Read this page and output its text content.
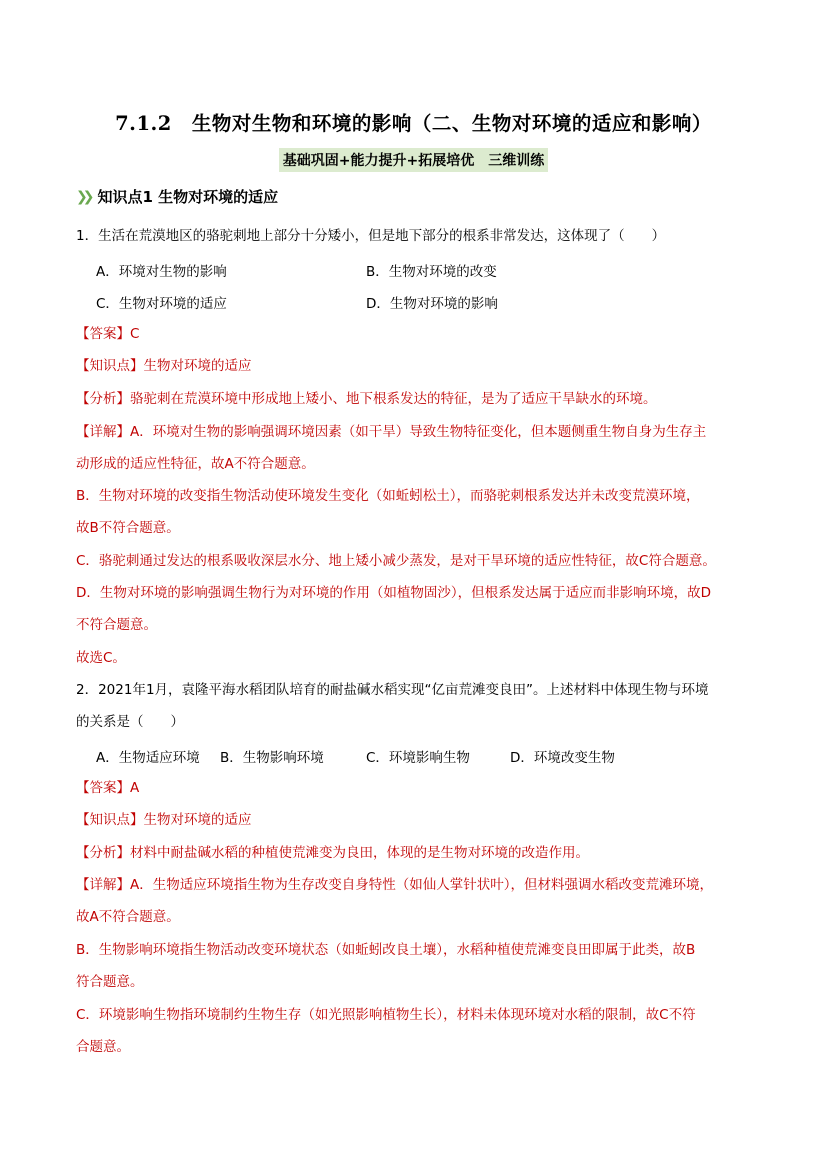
7.1.2　生物对生物和环境的影响（二、生物对环境的适应和影响）
基础巩固+能力提升+拓展培优　三维训练
❯❯ 知识点1 生物对环境的适应
1．生活在荒漠地区的骆驼刺地上部分十分矮小，但是地下部分的根系非常发达，这体现了（　　）
A．环境对生物的影响	B．生物对环境的改变
C．生物对环境的适应	D．生物对环境的影响
【答案】C
【知识点】生物对环境的适应
【分析】骆驼刺在荒漠环境中形成地上矮小、地下根系发达的特征，是为了适应干旱缺水的环境。
【详解】A．环境对生物的影响强调环境因素（如干旱）导致生物特征变化，但本题侧重生物自身为生存主
动形成的适应性特征，故A不符合题意。
B．生物对环境的改变指生物活动使环境发生变化（如蚯蚓松土），而骆驼刺根系发达并未改变荒漠环境，
故B不符合题意。
C．骆驼刺通过发达的根系吸收深层水分、地上矮小减少蒸发，是对干旱环境的适应性特征，故C符合题意。
D．生物对环境的影响强调生物行为对环境的作用（如植物固沙），但根系发达属于适应而非影响环境，故D
不符合题意。
故选C。
2．2021年1月，袁隆平海水稻团队培育的耐盐碱水稻实现“亿亩荒滩变良田”。上述材料中体现生物与环境
的关系是（　　）
A．生物适应环境 B．生物影响环境	C．环境影响生物	D．环境改变生物
【答案】A
【知识点】生物对环境的适应
【分析】材料中耐盐碱水稻的种植使荒滩变为良田，体现的是生物对环境的改造作用。
【详解】A．生物适应环境指生物为生存改变自身特性（如仙人掌针状叶），但材料强调水稻改变荒滩环境，
故A不符合题意。
B．生物影响环境指生物活动改变环境状态（如蚯蚓改良土壤），水稻种植使荒滩变良田即属于此类，故B
符合题意。
C．环境影响生物指环境制约生物生存（如光照影响植物生长），材料未体现环境对水稻的限制，故C不符
合题意。
